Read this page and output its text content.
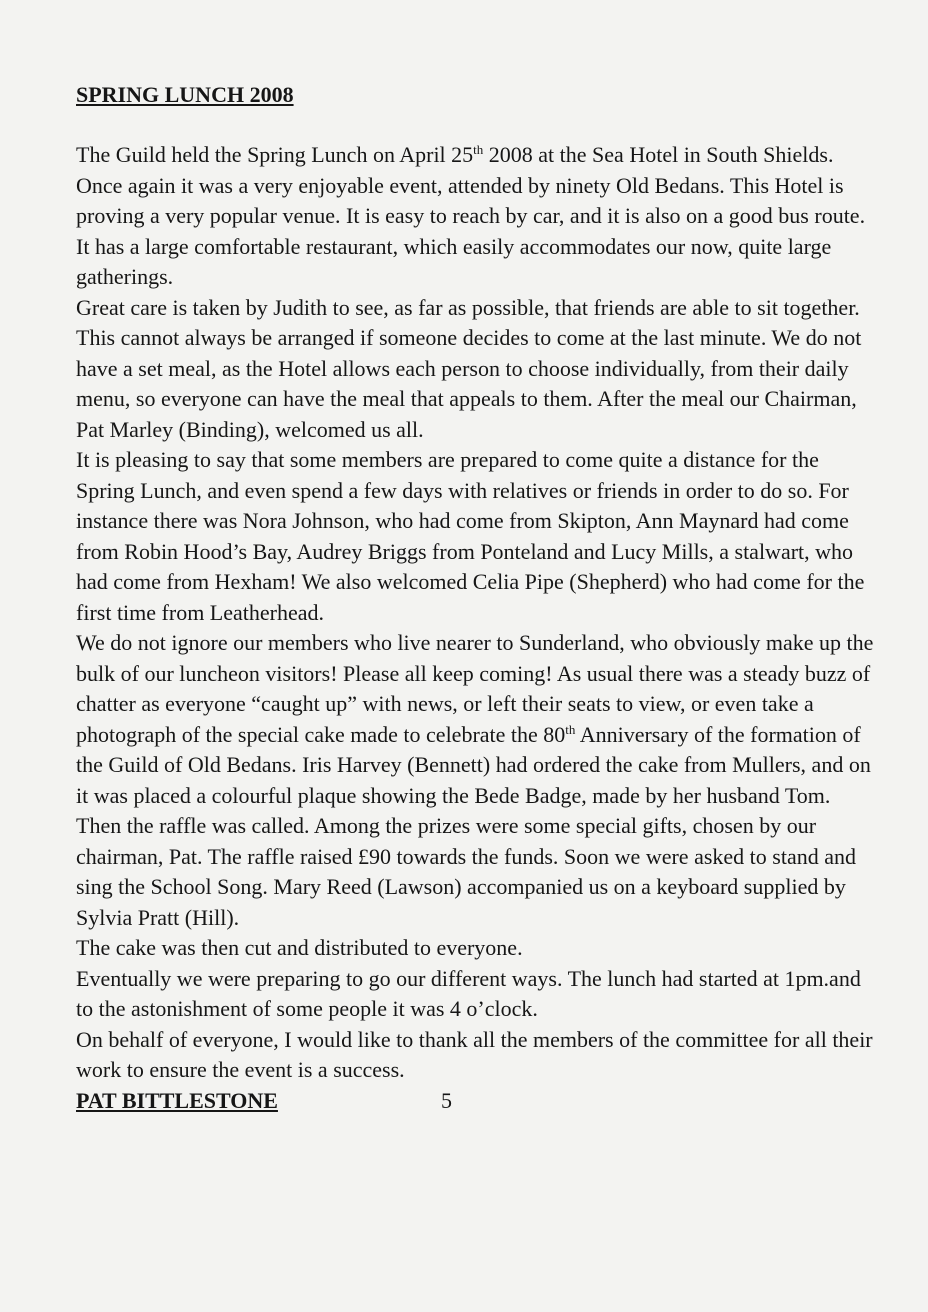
SPRING LUNCH 2008

The Guild held the Spring Lunch on April 25th 2008 at the Sea Hotel in South Shields.

Once again it was a very enjoyable event, attended by ninety Old Bedans. This Hotel is proving a very popular venue. It is easy to reach by car, and it is also on a good bus route. It has a large comfortable restaurant, which easily accommodates our now, quite large gatherings.

Great care is taken by Judith to see, as far as possible, that friends are able to sit together. This cannot always be arranged if someone decides to come at the last minute. We do not have a set meal, as the Hotel allows each person to choose individually, from their daily menu, so everyone can have the meal that appeals to them. After the meal our Chairman, Pat Marley (Binding), welcomed us all.

It is pleasing to say that some members are prepared to come quite a distance for the Spring Lunch, and even spend a few days with relatives or friends in order to do so. For instance there was Nora Johnson, who had come from Skipton, Ann Maynard had come from Robin Hood’s Bay, Audrey Briggs from Ponteland and Lucy Mills, a stalwart, who had come from Hexham! We also welcomed Celia Pipe (Shepherd) who had come for the first time from Leatherhead.

We do not ignore our members who live nearer to Sunderland, who obviously make up the bulk of our luncheon visitors! Please all keep coming! As usual there was a steady buzz of chatter as everyone “caught up” with news, or left their seats to view, or even take a photograph of the special cake made to celebrate the 80th Anniversary of the formation of the Guild of Old Bedans. Iris Harvey (Bennett) had ordered the cake from Mullers, and on it was placed a colourful plaque showing the Bede Badge, made by her husband Tom. Then the raffle was called. Among the prizes were some special gifts, chosen by our chairman, Pat. The raffle raised £90 towards the funds. Soon we were asked to stand and sing the School Song. Mary Reed (Lawson) accompanied us on a keyboard supplied by Sylvia Pratt (Hill).

The cake was then cut and distributed to everyone.

Eventually we were preparing to go our different ways. The lunch had started at 1pm.and to the astonishment of some people it was 4 o’clock.

On behalf of everyone, I would like to thank all the members of the committee for all their work to ensure the event is a success.

PAT BITTLESTONE	5
